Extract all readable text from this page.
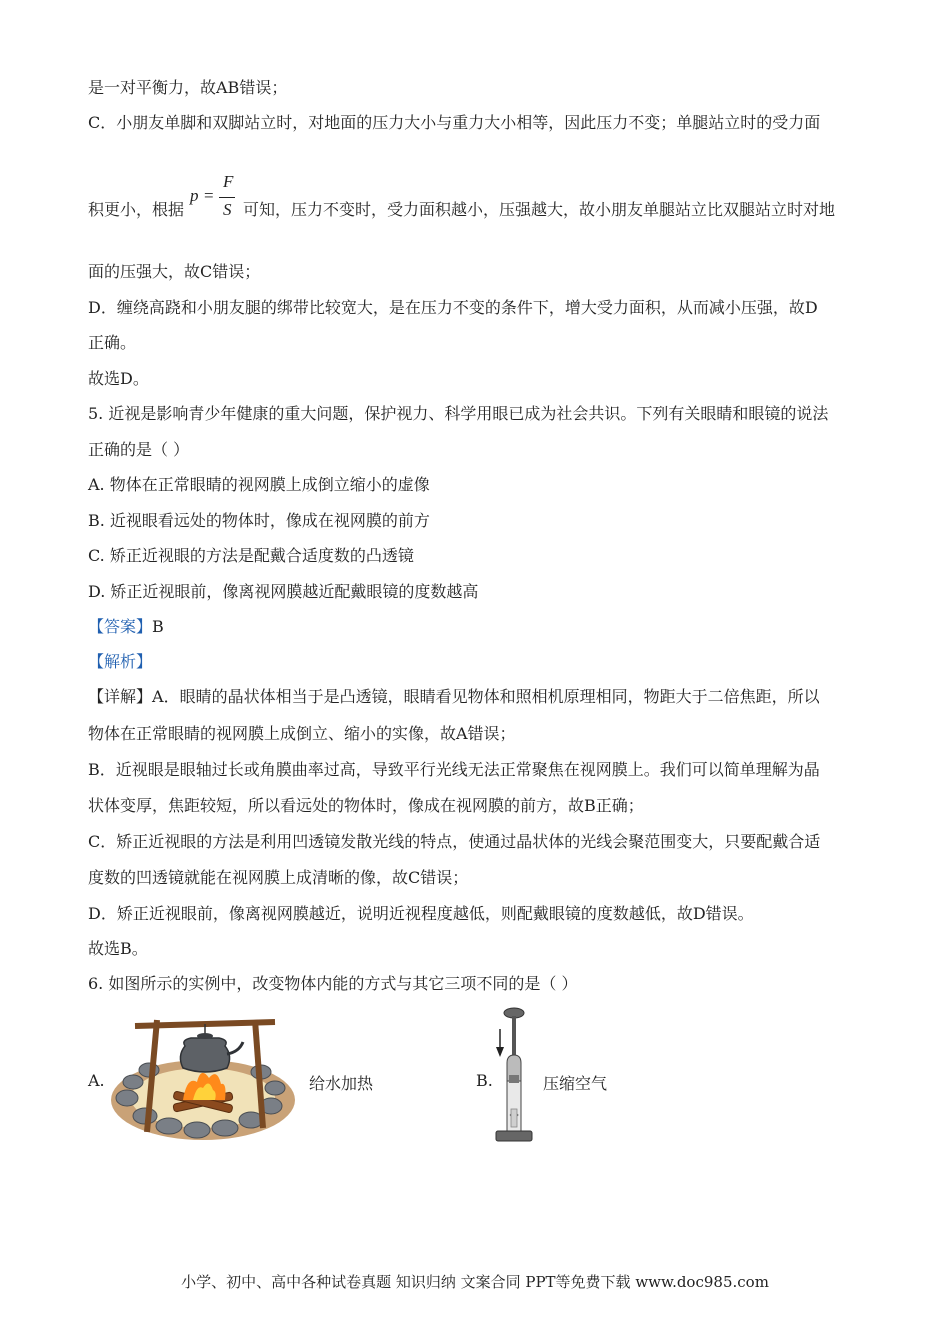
是一对平衡力，故AB错误；
C．小朋友单脚和双脚站立时，对地面的压力大小与重力大小相等，因此压力不变；单腿站立时的受力面
积更小，根据
p =
F
S 可知，压力不变时，受力面积越小，压强越大，故小朋友单腿站立比双腿站立时对地
面的压强大，故C错误；
D．缠绕高跷和小朋友腿的绑带比较宽大，是在压力不变的条件下，增大受力面积，从而减小压强，故D
正确。
故选D。
5. 近视是影响青少年健康的重大问题，保护视力、科学用眼已成为社会共识。下列有关眼睛和眼镜的说法
正确的是（ ）
A. 物体在正常眼睛的视网膜上成倒立缩小的虚像
B. 近视眼看远处的物体时，像成在视网膜的前方
C. 矫正近视眼的方法是配戴合适度数的凸透镜
D. 矫正近视眼前，像离视网膜越近配戴眼镜的度数越高
【答案】B
【解析】
【详解】A．眼睛的晶状体相当于是凸透镜，眼睛看见物体和照相机原理相同，物距大于二倍焦距，所以
物体在正常眼睛的视网膜上成倒立、缩小的实像，故A错误；
B．近视眼是眼轴过长或角膜曲率过高，导致平行光线无法正常聚焦在视网膜上。我们可以简单理解为晶
状体变厚，焦距较短，所以看远处的物体时，像成在视网膜的前方，故B正确；
C．矫正近视眼的方法是利用凹透镜发散光线的特点，使通过晶状体的光线会聚范围变大，只要配戴合适
度数的凹透镜就能在视网膜上成清晰的像，故C错误；
D．矫正近视眼前，像离视网膜越近，说明近视程度越低，则配戴眼镜的度数越低，故D错误。
故选B。
6. 如图所示的实例中，改变物体内能的方式与其它三项不同的是（ ）
A.	给水加热	B.	压缩空气
小学、初中、高中各种试卷真题 知识归纳 文案合同 PPT等免费下载 www.doc985.com
